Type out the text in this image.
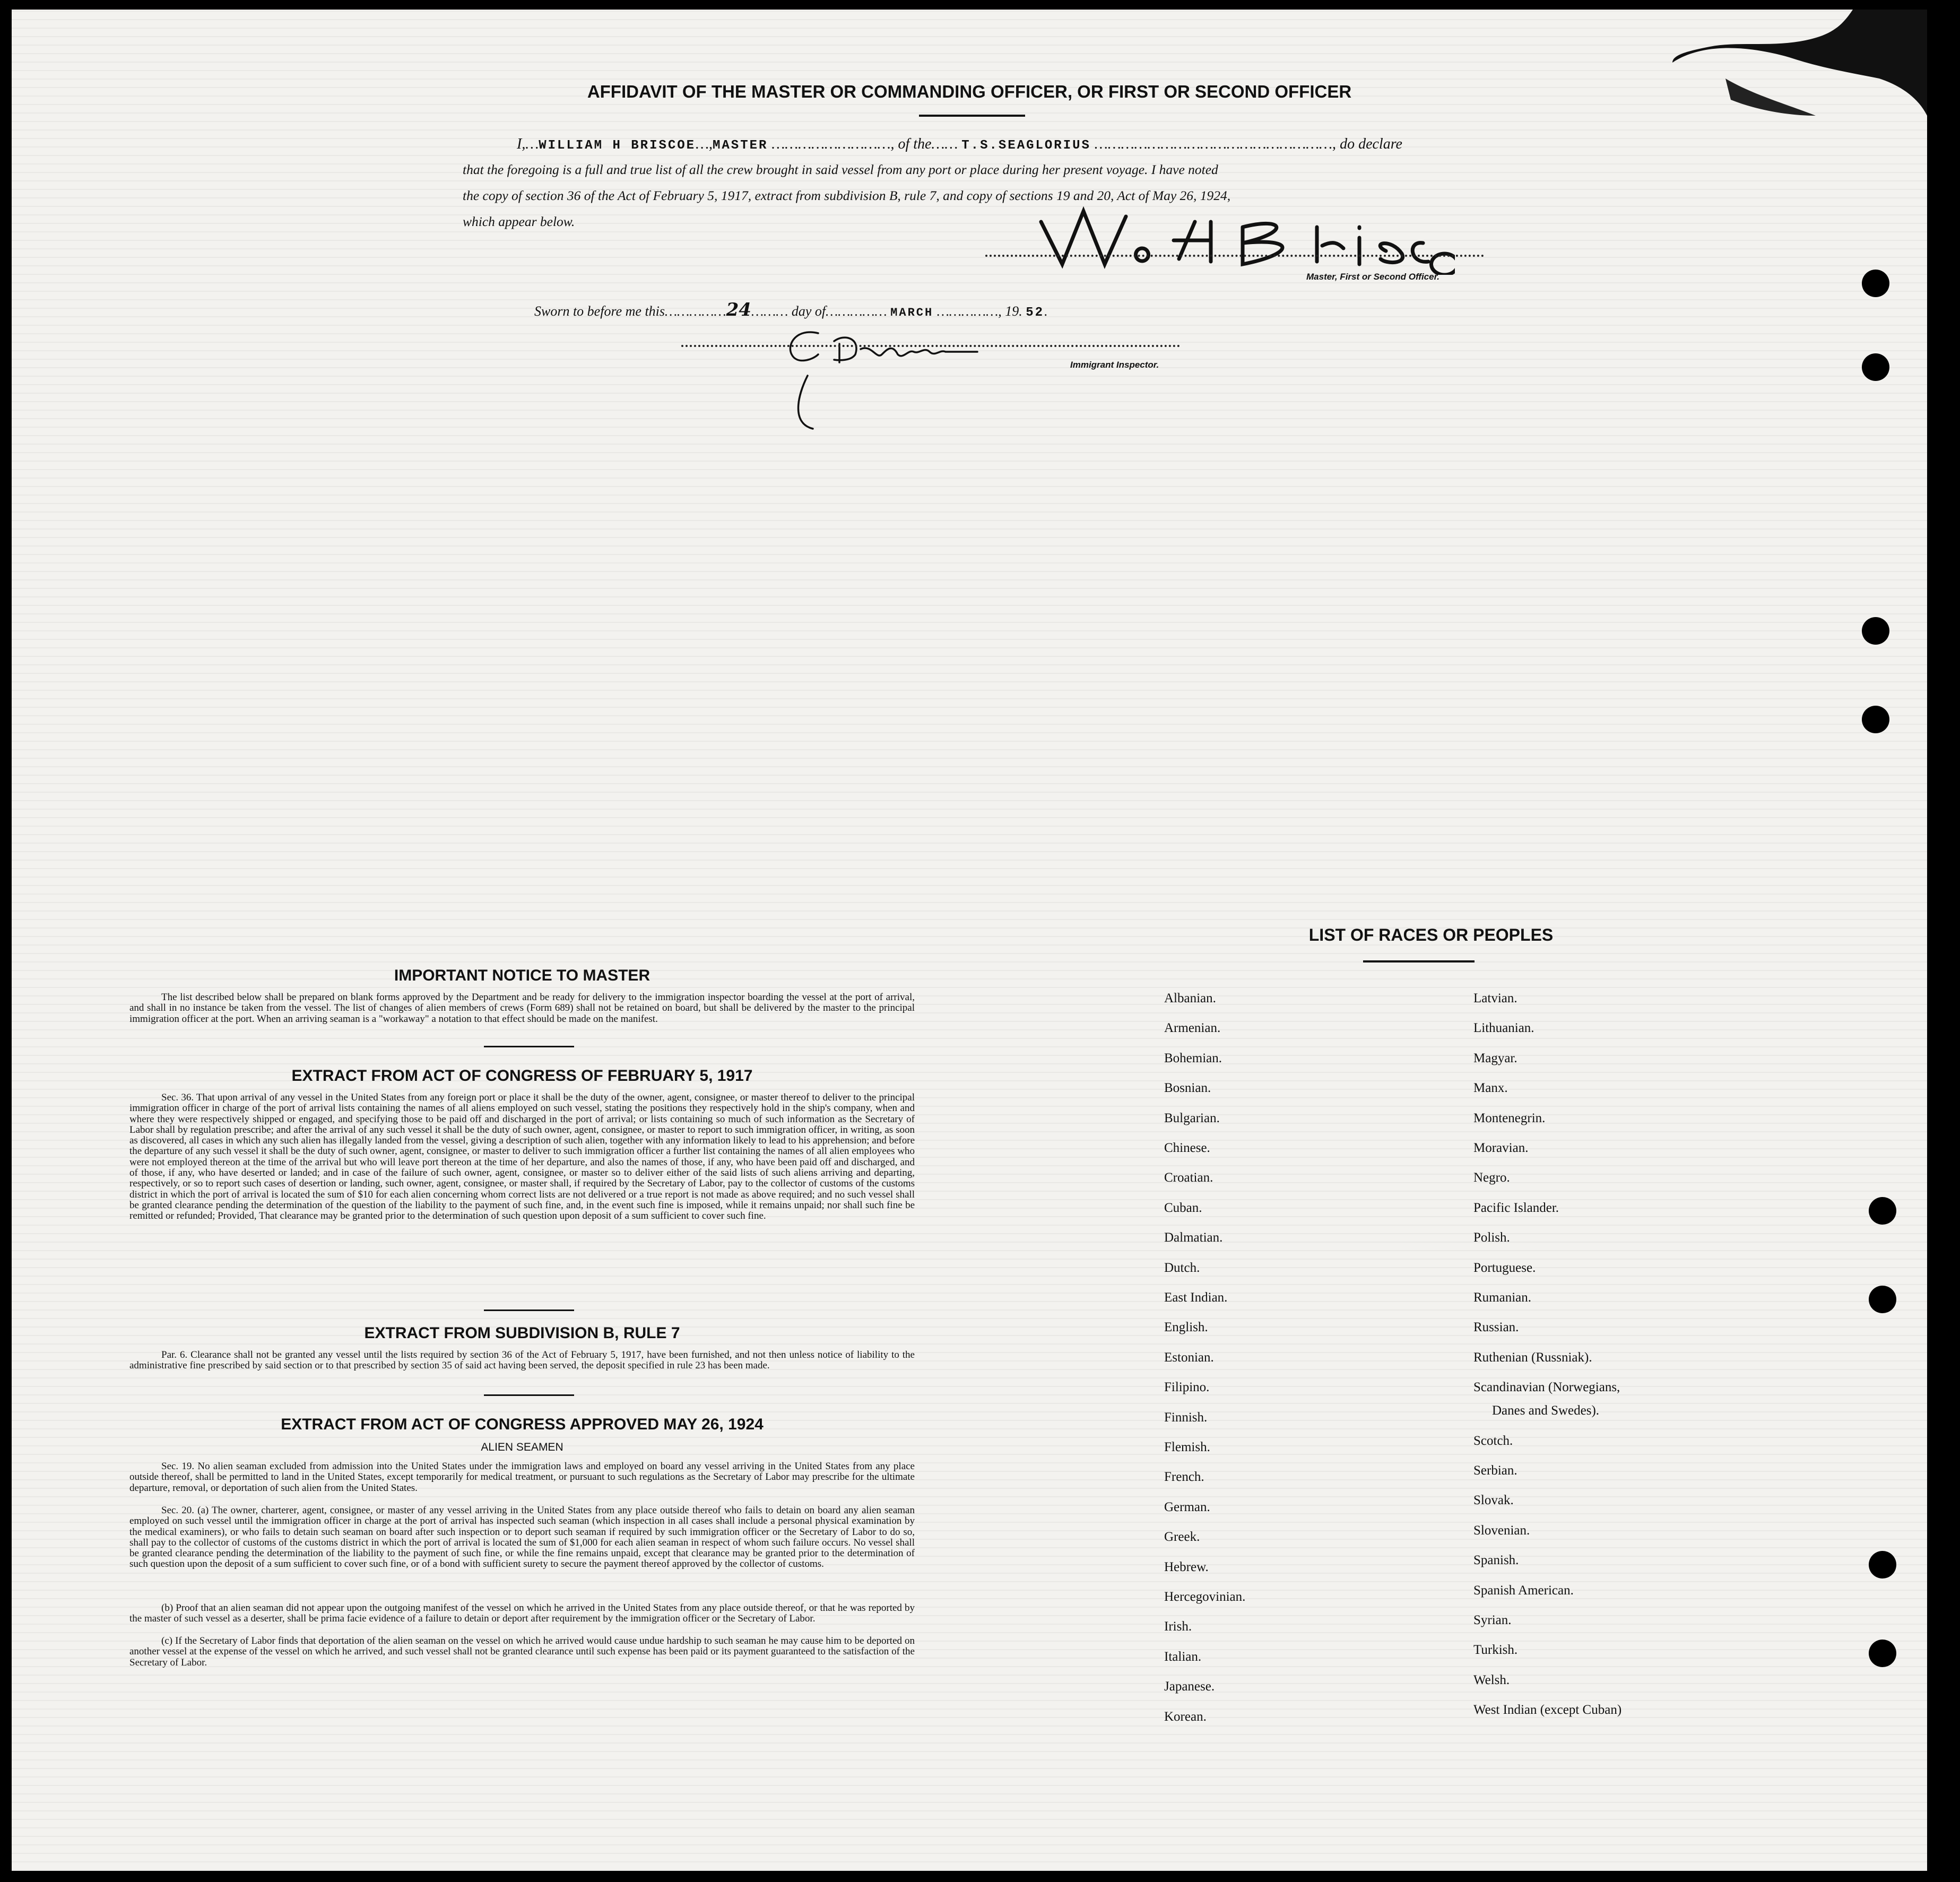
AFFIDAVIT OF THE MASTER OR COMMANDING OFFICER, OR FIRST OR SECOND OFFICER
I,…WILLIAM H BRISCOE…,MASTER ………………………, of the…… T.S.SEAGLORIUS ………………………………………………, do declare
that the foregoing is a full and true list of all the crew brought in said vessel from any port or place during her present voyage. I have noted
the copy of section 36 of the Act of February 5, 1917, extract from subdivision B, rule 7, and copy of sections 19 and 20, Act of May 26, 1924,
which appear below.
Master, First or Second Officer.
Sworn to before me this……………24……… day of…………… MARCH ……………, 19. 52.
Immigrant Inspector.
IMPORTANT NOTICE TO MASTER
The list described below shall be prepared on blank forms approved by the Department and be ready for delivery to the immigration inspector boarding the vessel at the port of arrival, and shall in no instance be taken from the vessel. The list of changes of alien members of crews (Form 689) shall not be retained on board, but shall be delivered by the master to the principal immigration officer at the port. When an arriving seaman is a "workaway" a notation to that effect should be made on the manifest.
EXTRACT FROM ACT OF CONGRESS OF FEBRUARY 5, 1917
Sec. 36. That upon arrival of any vessel in the United States from any foreign port or place it shall be the duty of the owner, agent, consignee, or master thereof to deliver to the principal immigration officer in charge of the port of arrival lists containing the names of all aliens employed on such vessel, stating the positions they respectively hold in the ship's company, when and where they were respectively shipped or engaged, and specifying those to be paid off and discharged in the port of arrival; or lists containing so much of such information as the Secretary of Labor shall by regulation prescribe; and after the arrival of any such vessel it shall be the duty of such owner, agent, consignee, or master to report to such immigration officer, in writing, as soon as discovered, all cases in which any such alien has illegally landed from the vessel, giving a description of such alien, together with any information likely to lead to his apprehension; and before the departure of any such vessel it shall be the duty of such owner, agent, consignee, or master to deliver to such immigration officer a further list containing the names of all alien employees who were not employed thereon at the time of the arrival but who will leave port thereon at the time of her departure, and also the names of those, if any, who have been paid off and discharged, and of those, if any, who have deserted or landed; and in case of the failure of such owner, agent, consignee, or master so to deliver either of the said lists of such aliens arriving and departing, respectively, or so to report such cases of desertion or landing, such owner, agent, consignee, or master shall, if required by the Secretary of Labor, pay to the collector of customs of the customs district in which the port of arrival is located the sum of $10 for each alien concerning whom correct lists are not delivered or a true report is not made as above required; and no such vessel shall be granted clearance pending the determination of the question of the liability to the payment of such fine, and, in the event such fine is imposed, while it remains unpaid; nor shall such fine be remitted or refunded; Provided, That clearance may be granted prior to the determination of such question upon deposit of a sum sufficient to cover such fine.
EXTRACT FROM SUBDIVISION B, RULE 7
Par. 6. Clearance shall not be granted any vessel until the lists required by section 36 of the Act of February 5, 1917, have been furnished, and not then unless notice of liability to the administrative fine prescribed by said section or to that prescribed by section 35 of said act having been served, the deposit specified in rule 23 has been made.
EXTRACT FROM ACT OF CONGRESS APPROVED MAY 26, 1924
ALIEN SEAMEN
Sec. 19. No alien seaman excluded from admission into the United States under the immigration laws and employed on board any vessel arriving in the United States from any place outside thereof, shall be permitted to land in the United States, except temporarily for medical treatment, or pursuant to such regulations as the Secretary of Labor may prescribe for the ultimate departure, removal, or deportation of such alien from the United States.
Sec. 20. (a) The owner, charterer, agent, consignee, or master of any vessel arriving in the United States from any place outside thereof who fails to detain on board any alien seaman employed on such vessel until the immigration officer in charge at the port of arrival has inspected such seaman (which inspection in all cases shall include a personal physical examination by the medical examiners), or who fails to detain such seaman on board after such inspection or to deport such seaman if required by such immigration officer or the Secretary of Labor to do so, shall pay to the collector of customs of the customs district in which the port of arrival is located the sum of $1,000 for each alien seaman in respect of whom such failure occurs. No vessel shall be granted clearance pending the determination of the liability to the payment of such fine, or while the fine remains unpaid, except that clearance may be granted prior to the determination of such question upon the deposit of a sum sufficient to cover such fine, or of a bond with sufficient surety to secure the payment thereof approved by the collector of customs.
(b) Proof that an alien seaman did not appear upon the outgoing manifest of the vessel on which he arrived in the United States from any place outside thereof, or that he was reported by the master of such vessel as a deserter, shall be prima facie evidence of a failure to detain or deport after requirement by the immigration officer or the Secretary of Labor.
(c) If the Secretary of Labor finds that deportation of the alien seaman on the vessel on which he arrived would cause undue hardship to such seaman he may cause him to be deported on another vessel at the expense of the vessel on which he arrived, and such vessel shall not be granted clearance until such expense has been paid or its payment guaranteed to the satisfaction of the Secretary of Labor.
LIST OF RACES OR PEOPLES
Albanian.
Armenian.
Bohemian.
Bosnian.
Bulgarian.
Chinese.
Croatian.
Cuban.
Dalmatian.
Dutch.
East Indian.
English.
Estonian.
Filipino.
Finnish.
Flemish.
French.
German.
Greek.
Hebrew.
Hercegovinian.
Irish.
Italian.
Japanese.
Korean.
Latvian.
Lithuanian.
Magyar.
Manx.
Montenegrin.
Moravian.
Negro.
Pacific Islander.
Polish.
Portuguese.
Rumanian.
Russian.
Ruthenian (Russniak).
Scandinavian (Norwegians,
Scotch.
Serbian.
Slovak.
Slovenian.
Spanish.
Spanish American.
Syrian.
Turkish.
Welsh.
West Indian (except Cuban)
Danes and Swedes).
